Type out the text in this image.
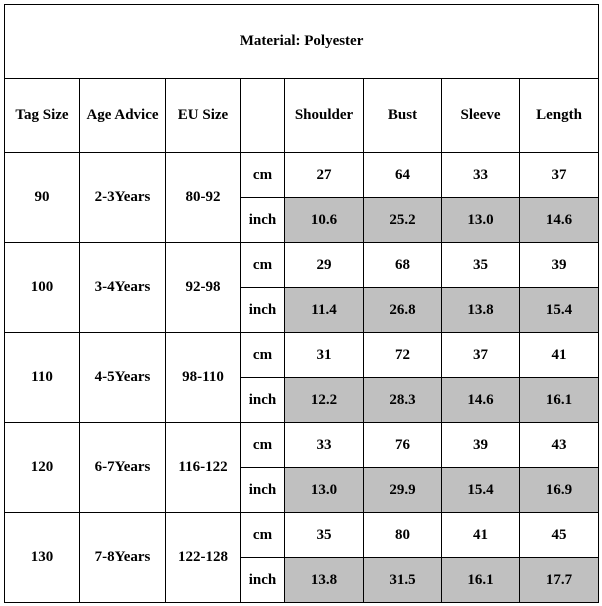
Material: Polyester							
Tag Size	Age Advice	EU Size		Shoulder	Bust	Sleeve	Length
90	2-3Years	80-92	cm	27	64	33	37
			inch	10.6	25.2	13.0	14.6
100	3-4Years	92-98	cm	29	68	35	39
			inch	11.4	26.8	13.8	15.4
110	4-5Years	98-110	cm	31	72	37	41
			inch	12.2	28.3	14.6	16.1
120	6-7Years	116-122	cm	33	76	39	43
			inch	13.0	29.9	15.4	16.9
130	7-8Years	122-128	cm	35	80	41	45
			inch	13.8	31.5	16.1	17.7
